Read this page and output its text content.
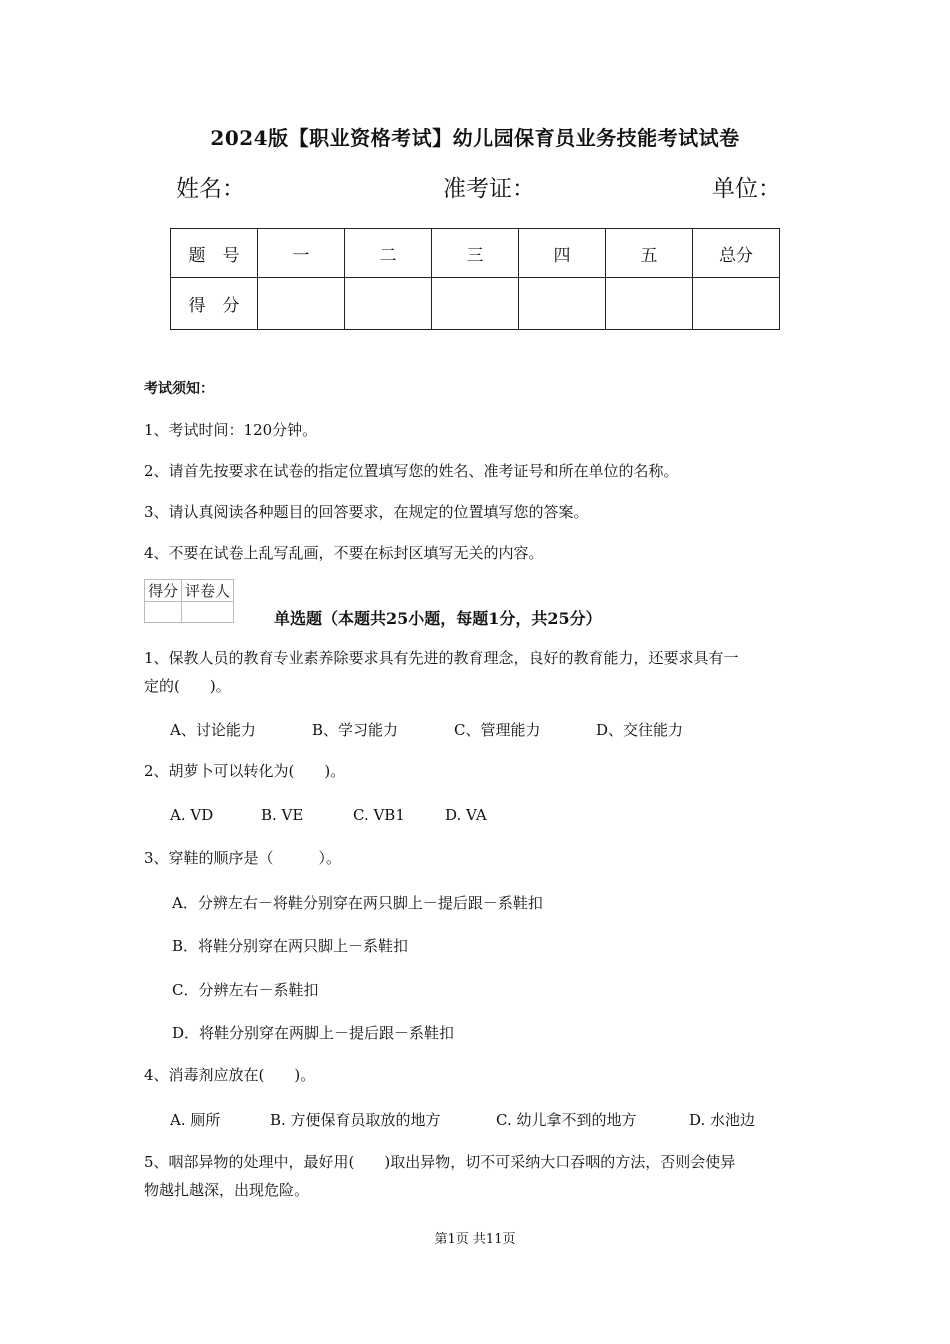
2024版【职业资格考试】幼儿园保育员业务技能考试试卷
姓名：	准考证：	单位：
题　号	一	二	三	四	五	总分
得　分						
考试须知：
1、考试时间：120分钟。
2、请首先按要求在试卷的指定位置填写您的姓名、准考证号和所在单位的名称。
3、请认真阅读各种题目的回答要求，在规定的位置填写您的答案。
4、不要在试卷上乱写乱画，不要在标封区填写无关的内容。
得分	评卷人

单选题（本题共25小题，每题1分，共25分）
1、保教人员的教育专业素养除要求具有先进的教育理念，良好的教育能力，还要求具有一
定的(　　)。
A、讨论能力	B、学习能力	C、管理能力	D、交往能力
2、胡萝卜可以转化为(　　)。
A. VD	B. VE	C. VB1	D. VA
3、穿鞋的顺序是（　　　）。
A．分辨左右－将鞋分别穿在两只脚上－提后跟－系鞋扣
B．将鞋分别穿在两只脚上－系鞋扣
C．分辨左右－系鞋扣
D．将鞋分别穿在两脚上－提后跟－系鞋扣
4、消毒剂应放在(　　)。
A. 厕所	B. 方便保育员取放的地方	C. 幼儿拿不到的地方	D. 水池边
5、咽部异物的处理中，最好用(　　)取出异物，切不可采纳大口吞咽的方法，否则会使异
物越扎越深，出现危险。
第1页 共11页
